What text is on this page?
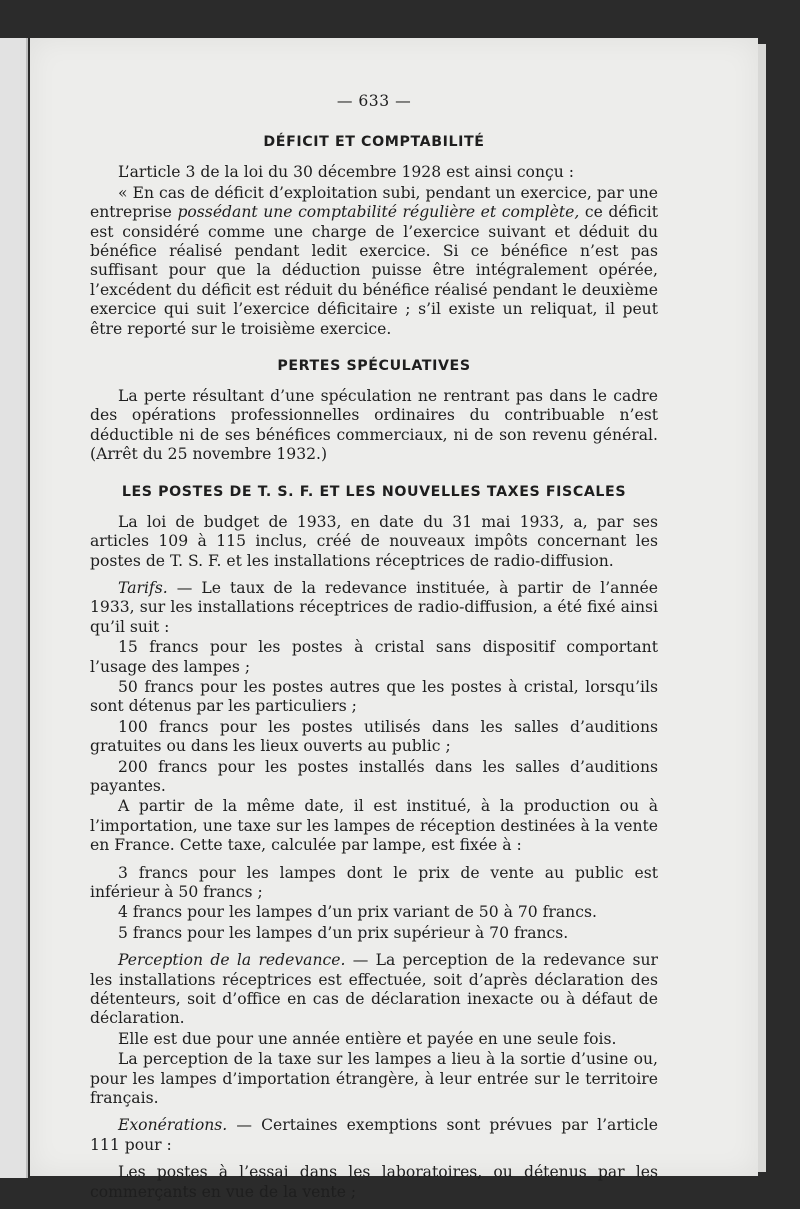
— 633 —
DÉFICIT ET COMPTABILITÉ

L’article 3 de la loi du 30 décembre 1928 est ainsi conçu :

« En cas de déficit d’exploitation subi, pendant un exercice, par une entreprise possédant une comptabilité régulière et complète, ce déficit est considéré comme une charge de l’exercice suivant et déduit du bénéfice réalisé pendant ledit exercice. Si ce bénéfice n’est pas suffisant pour que la déduction puisse être intégralement opérée, l’excédent du déficit est réduit du bénéfice réalisé pendant le deuxième exercice qui suit l’exercice déficitaire ; s’il existe un reliquat, il peut être reporté sur le troisième exercice.

PERTES SPÉCULATIVES

La perte résultant d’une spéculation ne rentrant pas dans le cadre des opérations professionnelles ordinaires du contribuable n’est déductible ni de ses bénéfices commerciaux, ni de son revenu général. (Arrêt du 25 novembre 1932.)

LES POSTES DE T. S. F. ET LES NOUVELLES TAXES FISCALES

La loi de budget de 1933, en date du 31 mai 1933, a, par ses articles 109 à 115 inclus, créé de nouveaux impôts concernant les postes de T. S. F. et les installations réceptrices de radio-diffusion.

Tarifs. — Le taux de la redevance instituée, à partir de l’année 1933, sur les installations réceptrices de radio-diffusion, a été fixé ainsi qu’il suit :

15 francs pour les postes à cristal sans dispositif comportant l’usage des lampes ;

50 francs pour les postes autres que les postes à cristal, lorsqu’ils sont détenus par les particuliers ;

100 francs pour les postes utilisés dans les salles d’auditions gratuites ou dans les lieux ouverts au public ;

200 francs pour les postes installés dans les salles d’auditions payantes.

A partir de la même date, il est institué, à la production ou à l’importation, une taxe sur les lampes de réception destinées à la vente en France. Cette taxe, calculée par lampe, est fixée à :

3 francs pour les lampes dont le prix de vente au public est inférieur à 50 francs ;

4 francs pour les lampes d’un prix variant de 50 à 70 francs.

5 francs pour les lampes d’un prix supérieur à 70 francs.

Perception de la redevance. — La perception de la redevance sur les installations réceptrices est effectuée, soit d’après déclaration des détenteurs, soit d’office en cas de déclaration inexacte ou à défaut de déclaration.

Elle est due pour une année entière et payée en une seule fois.

La perception de la taxe sur les lampes a lieu à la sortie d’usine ou, pour les lampes d’importation étrangère, à leur entrée sur le territoire français.

Exonérations. — Certaines exemptions sont prévues par l’article 111 pour :

Les postes à l’essai dans les laboratoires, ou détenus par les commerçants en vue de la vente ;
